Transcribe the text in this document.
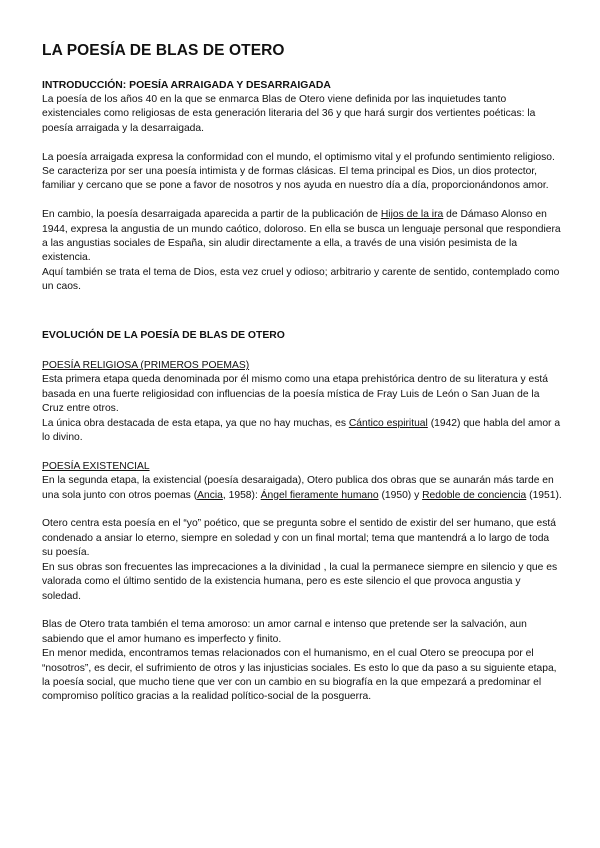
LA POESÍA DE BLAS DE OTERO
INTRODUCCIÓN: POESÍA ARRAIGADA Y DESARRAIGADA

La poesía de los años 40 en la que se enmarca Blas de Otero viene definida por las inquietudes tanto existenciales como religiosas de esta generación literaria del 36 y que hará surgir dos vertientes poéticas: la poesía arraigada y la desarraigada.

La poesía arraigada expresa la conformidad con el mundo, el optimismo vital y el profundo sentimiento religioso. Se caracteriza por ser una poesía intimista y de formas clásicas. El tema principal es Dios, un dios protector, familiar y cercano que se pone a favor de nosotros y nos ayuda en nuestro día a día, proporcionándonos amor.

En cambio, la poesía desarraigada aparecida a partir de la publicación de Hijos de la ira de Dámaso Alonso en 1944, expresa la angustia de un mundo caótico, doloroso. En ella se busca un lenguaje personal que respondiera a las angustias sociales de España, sin aludir directamente a ella, a través de una visión pesimista de la existencia.

Aquí también se trata el tema de Dios, esta vez cruel y odioso; arbitrario y carente de sentido, contemplado como un caos.

EVOLUCIÓN DE LA POESÍA DE BLAS DE OTERO

POESÍA RELIGIOSA (PRIMEROS POEMAS)

Esta primera etapa queda denominada por él mismo como una etapa prehistórica dentro de su literatura y está basada en una fuerte religiosidad con influencias de la poesía mística de Fray Luis de León o San Juan de la Cruz entre otros.

La única obra destacada de esta etapa, ya que no hay muchas, es Cántico espiritual (1942) que habla del amor a lo divino.

POESÍA EXISTENCIAL

En la segunda etapa, la existencial (poesía desaraigada), Otero publica dos obras que se aunarán más tarde en una sola junto con otros poemas (Ancia, 1958): Ángel fieramente humano (1950) y Redoble de conciencia (1951).

Otero centra esta poesía en el “yo” poético, que se pregunta sobre el sentido de existir del ser humano, que está condenado a ansiar lo eterno, siempre en soledad y con un final mortal; tema que mantendrá a lo largo de toda su poesía.

En sus obras son frecuentes las imprecaciones a la divinidad , la cual la permanece siempre en silencio y que es valorada como el último sentido de la existencia humana, pero es este silencio el que provoca angustia y soledad.

Blas de Otero trata también el tema amoroso: un amor carnal e intenso que pretende ser la salvación, aun sabiendo que el amor humano es imperfecto y finito.

En menor medida, encontramos temas relacionados con el humanismo, en el cual Otero se preocupa por el “nosotros”, es decir, el sufrimiento de otros y las injusticias sociales. Es esto lo que da paso a su siguiente etapa, la poesía social, que mucho tiene que ver con un cambio en su biografía en la que empezará a predominar el compromiso político gracias a la realidad político-social de la posguerra.
